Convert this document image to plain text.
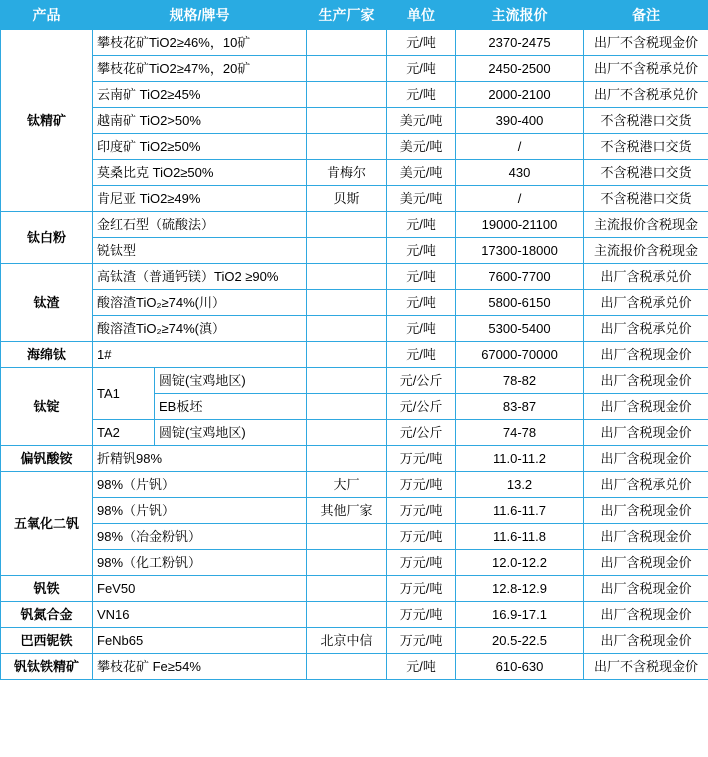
产品	规格/牌号		生产厂家	单位	主流报价	备注
钛精矿	攀枝花矿TiO2≥46%，10矿			元/吨	2370-2475	出厂不含税现金价
	攀枝花矿TiO2≥47%，20矿			元/吨	2450-2500	出厂不含税承兑价
	云南矿 TiO2≥45%			元/吨	2000-2100	出厂不含税承兑价
	越南矿 TiO2>50%			美元/吨	390-400	不含税港口交货
	印度矿 TiO2≥50%			美元/吨	/	不含税港口交货
	莫桑比克 TiO2≥50%		肯梅尔	美元/吨	430	不含税港口交货
	肯尼亚 TiO2≥49%		贝斯	美元/吨	/	不含税港口交货
钛白粉	金红石型（硫酸法）			元/吨	19000-21100	主流报价含税现金
	锐钛型			元/吨	17300-18000	主流报价含税现金
钛渣	高钛渣（普通钙镁）TiO2 ≥90%			元/吨	7600-7700	出厂含税承兑价
	酸溶渣TiO₂≥74%(川）			元/吨	5800-6150	出厂含税承兑价
	酸溶渣TiO₂≥74%(滇）			元/吨	5300-5400	出厂含税承兑价
海绵钛	1#			元/吨	67000-70000	出厂含税现金价
钛锭	TA1	圆锭(宝鸡地区)		元/公斤	78-82	出厂含税现金价
		EB板坯		元/公斤	83-87	出厂含税现金价
	TA2	圆锭(宝鸡地区)		元/公斤	74-78	出厂含税现金价
偏钒酸铵	折精钒98%			万元/吨	11.0-11.2	出厂含税现金价
五氧化二钒	98%（片钒）		大厂	万元/吨	13.2	出厂含税承兑价
	98%（片钒）		其他厂家	万元/吨	11.6-11.7	出厂含税现金价
	98%（冶金粉钒）			万元/吨	11.6-11.8	出厂含税现金价
	98%（化工粉钒）			万元/吨	12.0-12.2	出厂含税现金价
钒铁	FeV50			万元/吨	12.8-12.9	出厂含税现金价
钒氮合金	VN16			万元/吨	16.9-17.1	出厂含税现金价
巴西铌铁	FeNb65		北京中信	万元/吨	20.5-22.5	出厂含税现金价
钒钛铁精矿	攀枝花矿 Fe≥54%			元/吨	610-630	出厂不含税现金价
